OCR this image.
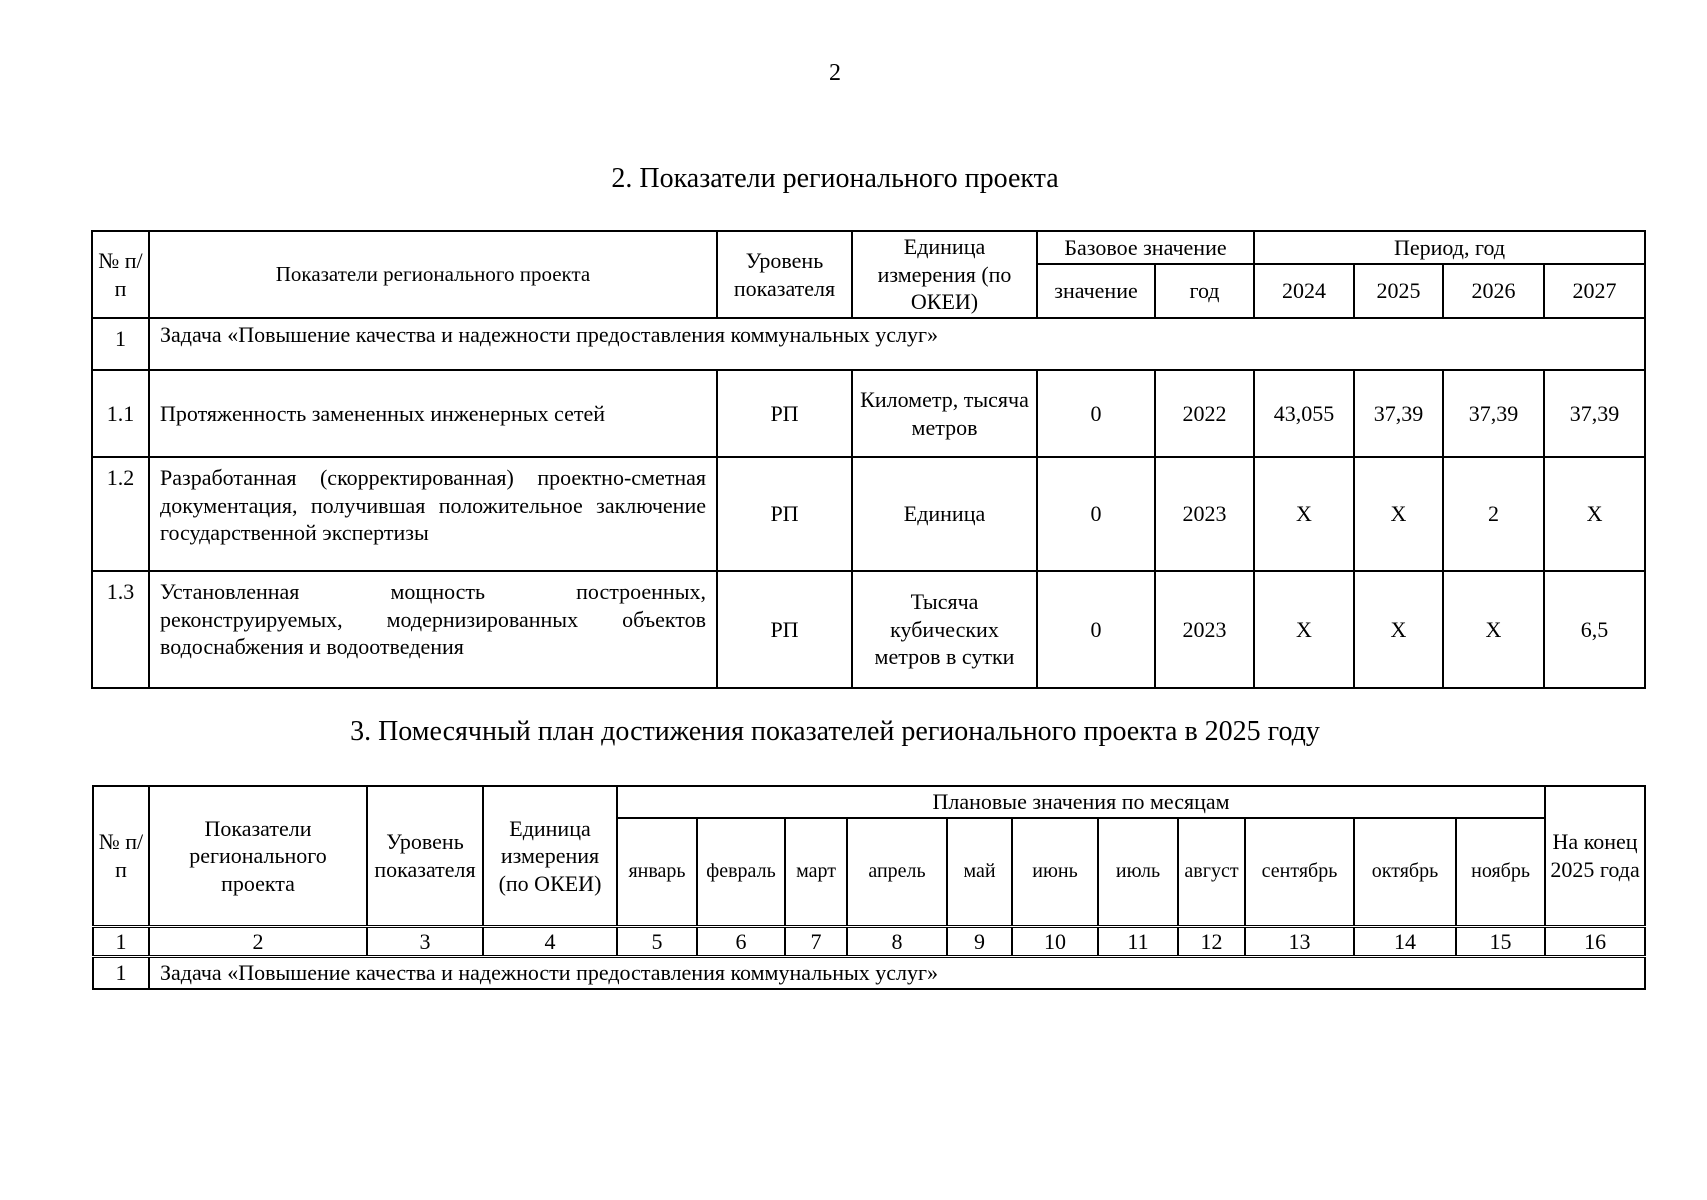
2
2. Показатели регионального проекта
№ п/п	Показатели регионального проекта	Уровень показателя	Единица измерения (по ОКЕИ)	Базовое значение		Период, год			
				значение	год	2024	2025	2026	2027
1	Задача «Повышение качества и надежности предоставления коммунальных услуг»								
1.1	Протяженность замененных инженерных сетей	РП	Километр, тысяча метров	0	2022	43,055	37,39	37,39	37,39
1.2	Разработанная (скорректированная) проектно-сметная документация, получившая положительное заключение государственной экспертизы	РП	Единица	0	2023	Х	Х	2	Х
1.3	Установленная мощность построенных, реконструируемых, модернизированных объектов водоснабжения и водоотведения	РП	Тысяча кубических метров в сутки	0	2023	Х	Х	Х	6,5
3. Помесячный план достижения показателей регионального проекта в 2025 году
№ п/п	Показатели регионального проекта	Уровень показателя	Единица измерения (по ОКЕИ)	Плановые значения по месяцам											На конец 2025 года
				январь	февраль	март	апрель	май	июнь	июль	август	сентябрь	октябрь	ноябрь	
1	2	3	4	5	6	7	8	9	10	11	12	13	14	15	16
1	Задача «Повышение качества и надежности предоставления коммунальных услуг»														
